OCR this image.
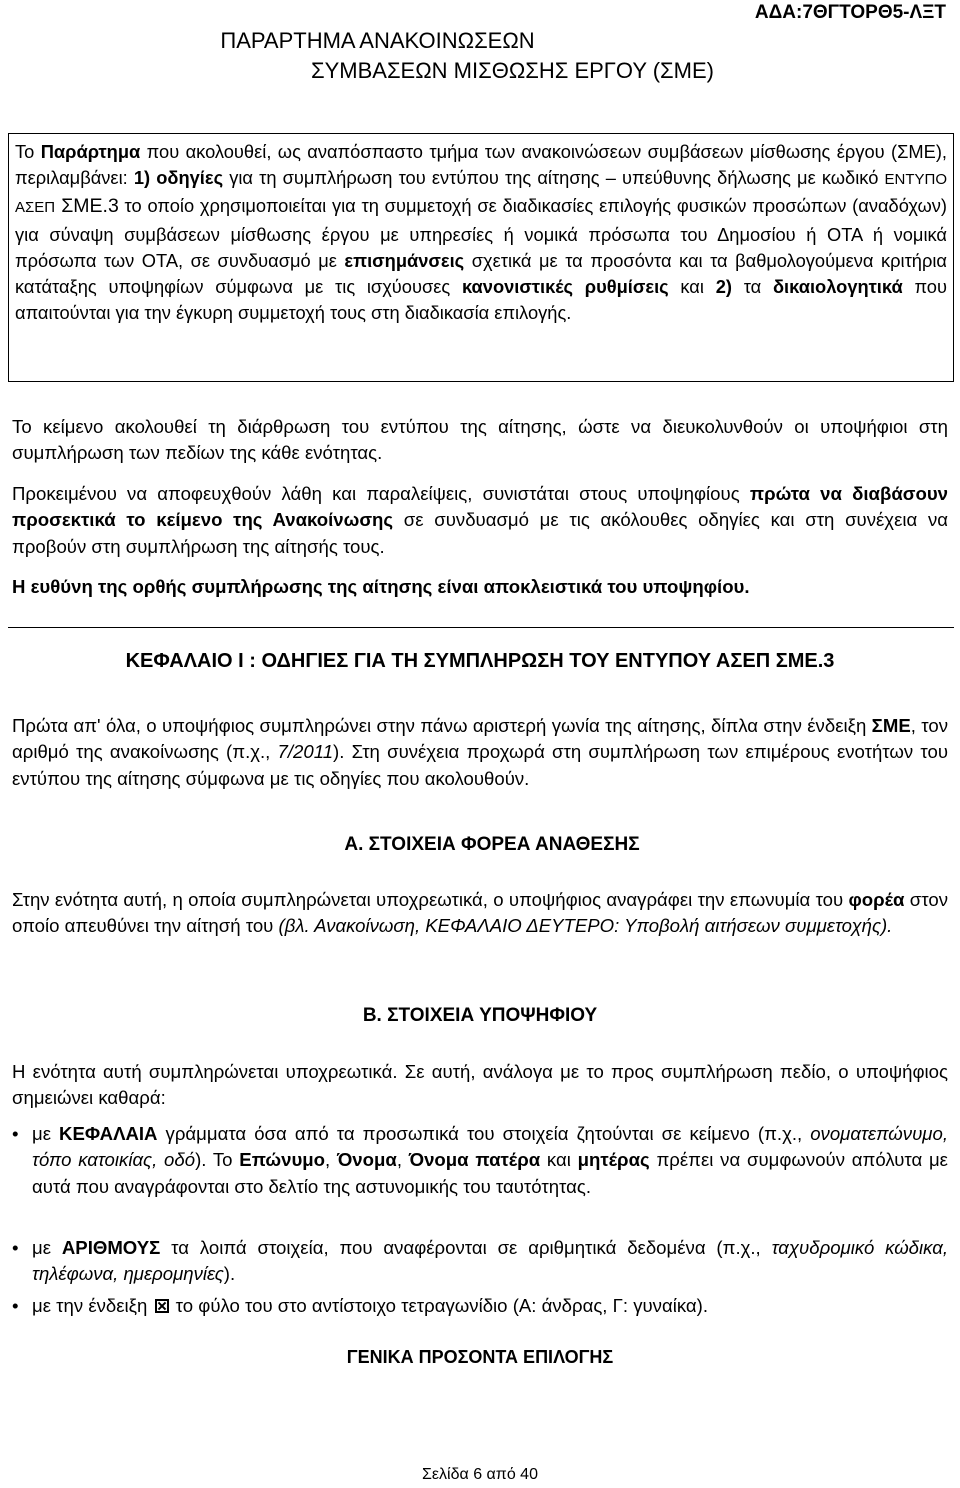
ΑΔΑ:7ΘΓΤΟΡΘ5-ΛΞΤ
ΠΑΡΑΡΤΗΜΑ ΑΝΑΚΟΙΝΩΣΕΩΝ
ΣΥΜΒΑΣΕΩΝ ΜΙΣΘΩΣΗΣ ΕΡΓΟΥ (ΣΜΕ)
Το Παράρτημα που ακολουθεί, ως αναπόσπαστο τμήμα των ανακοινώσεων συμβάσεων μίσθωσης έργου (ΣΜΕ), περιλαμβάνει: 1) οδηγίες για τη συμπλήρωση του εντύπου της αίτησης – υπεύθυνης δήλωσης με κωδικό ΕΝΤΥΠΟ ΑΣΕΠ ΣΜΕ.3 το οποίο χρησιμοποιείται για τη συμμετοχή σε διαδικασίες επιλογής φυσικών προσώπων (αναδόχων) για σύναψη συμβάσεων μίσθωσης έργου με υπηρεσίες ή νομικά πρόσωπα του Δημοσίου ή ΟΤΑ ή νομικά πρόσωπα των ΟΤΑ, σε συνδυασμό με επισημάνσεις σχετικά με τα προσόντα και τα βαθμολογούμενα κριτήρια κατάταξης υποψηφίων σύμφωνα με τις ισχύουσες κανονιστικές ρυθμίσεις και 2) τα δικαιολογητικά που απαιτούνται για την έγκυρη συμμετοχή τους στη διαδικασία επιλογής.
Το κείμενο ακολουθεί τη διάρθρωση του εντύπου της αίτησης, ώστε να διευκολυνθούν οι υποψήφιοι στη συμπλήρωση των πεδίων της κάθε ενότητας.
Προκειμένου να αποφευχθούν λάθη και παραλείψεις, συνιστάται στους υποψηφίους πρώτα να διαβάσουν προσεκτικά το κείμενο της Ανακοίνωσης σε συνδυασμό με τις ακόλουθες οδηγίες και στη συνέχεια να προβούν στη συμπλήρωση της αίτησής τους.
Η ευθύνη της ορθής συμπλήρωσης της αίτησης είναι αποκλειστικά του υποψηφίου.
ΚΕΦΑΛΑΙΟ I : ΟΔΗΓΙΕΣ ΓΙΑ ΤΗ ΣΥΜΠΛΗΡΩΣΗ ΤΟΥ ΕΝΤΥΠΟΥ ΑΣΕΠ ΣΜΕ.3
Πρώτα απ' όλα, ο υποψήφιος συμπληρώνει στην πάνω αριστερή γωνία της αίτησης, δίπλα στην ένδειξη ΣΜΕ, τον αριθμό της ανακοίνωσης (π.χ., 7/2011). Στη συνέχεια προχωρά στη συμπλήρωση των επιμέρους ενοτήτων του εντύπου της αίτησης σύμφωνα με τις οδηγίες που ακολουθούν.
Α. ΣΤΟΙΧΕΙΑ ΦΟΡΕΑ ΑΝΑΘΕΣΗΣ
Στην ενότητα αυτή, η οποία συμπληρώνεται υποχρεωτικά, ο υποψήφιος αναγράφει την επωνυμία του φορέα στον οποίο απευθύνει την αίτησή του (βλ. Ανακοίνωση, ΚΕΦΑΛΑΙΟ ΔΕΥΤΕΡΟ: Υποβολή αιτήσεων συμμετοχής).
Β. ΣΤΟΙΧΕΙΑ ΥΠΟΨΗΦΙΟΥ
Η ενότητα αυτή συμπληρώνεται υποχρεωτικά. Σε αυτή, ανάλογα με το προς συμπλήρωση πεδίο, ο υποψήφιος σημειώνει καθαρά:
• με ΚΕΦΑΛΑΙΑ γράμματα όσα από τα προσωπικά του στοιχεία ζητούνται σε κείμενο (π.χ., ονοματεπώνυμο, τόπο κατοικίας, οδό). Το Επώνυμο, Όνομα, Όνομα πατέρα και μητέρας πρέπει να συμφωνούν απόλυτα με αυτά που αναγράφονται στο δελτίο της αστυνομικής του ταυτότητας.
• με ΑΡΙΘΜΟΥΣ τα λοιπά στοιχεία, που αναφέρονται σε αριθμητικά δεδομένα (π.χ., ταχυδρομικό κώδικα, τηλέφωνα, ημερομηνίες).
• με την ένδειξη  το φύλο του στο αντίστοιχο τετραγωνίδιο (Α: άνδρας, Γ: γυναίκα).
ΓΕΝΙΚΑ ΠΡΟΣΟΝΤΑ ΕΠΙΛΟΓΗΣ
Σελίδα 6 από 40
